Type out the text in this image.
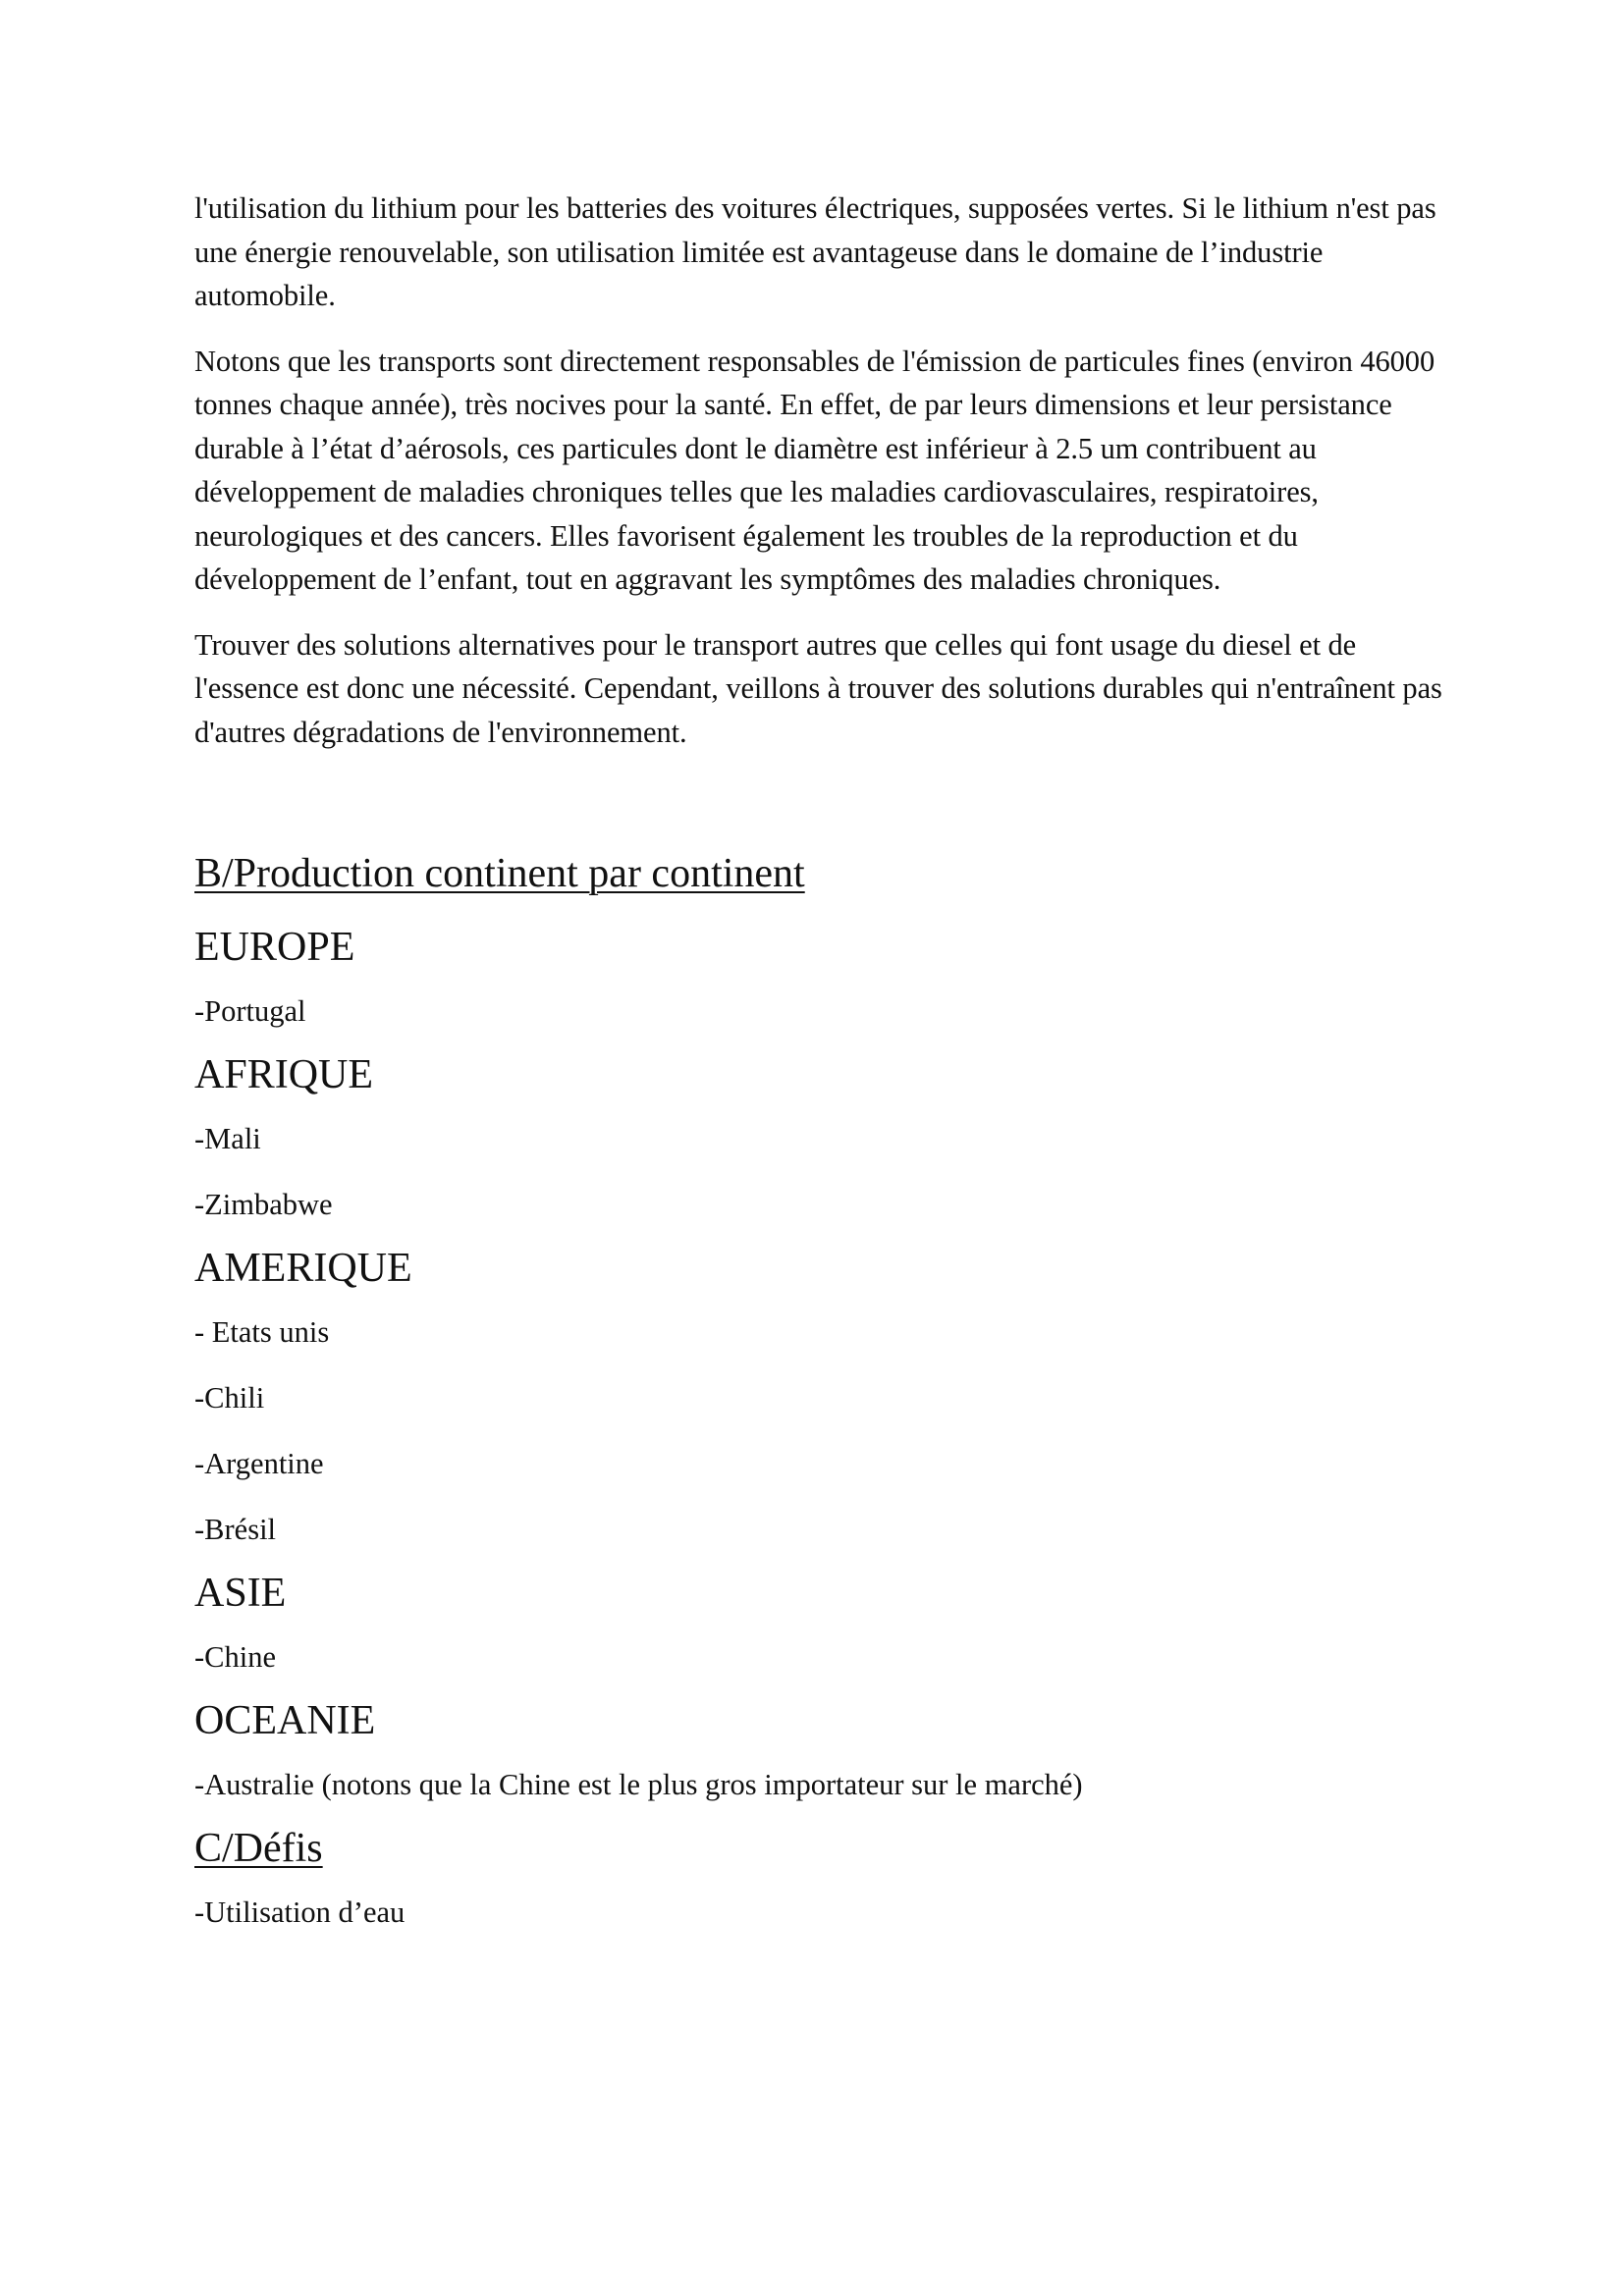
l'utilisation du lithium pour les batteries des voitures électriques, supposées vertes. Si le lithium n'est pas une énergie renouvelable, son utilisation limitée est avantageuse dans le domaine de l’industrie automobile.

Notons que les transports sont directement responsables de l'émission de particules fines (environ 46000 tonnes chaque année), très nocives pour la santé. En effet, de par leurs dimensions et leur persistance durable à l’état d’aérosols, ces particules dont le diamètre est inférieur à 2.5 um contribuent au développement de maladies chroniques telles que les maladies cardiovasculaires, respiratoires, neurologiques et des cancers. Elles favorisent également les troubles de la reproduction et du développement de l’enfant, tout en aggravant les symptômes des maladies chroniques.

Trouver des solutions alternatives pour le transport autres que celles qui font usage du diesel et de l'essence est donc une nécessité. Cependant, veillons à trouver des solutions durables qui n'entraînent pas d'autres dégradations de l'environnement.

B/Production continent par continent
EUROPE

-Portugal

AFRIQUE

-Mali

-Zimbabwe

AMERIQUE

- Etats unis

-Chili

-Argentine

-Brésil

ASIE

-Chine

OCEANIE

-Australie (notons que la Chine est le plus gros importateur sur le marché)

C/Défis

-Utilisation d’eau
